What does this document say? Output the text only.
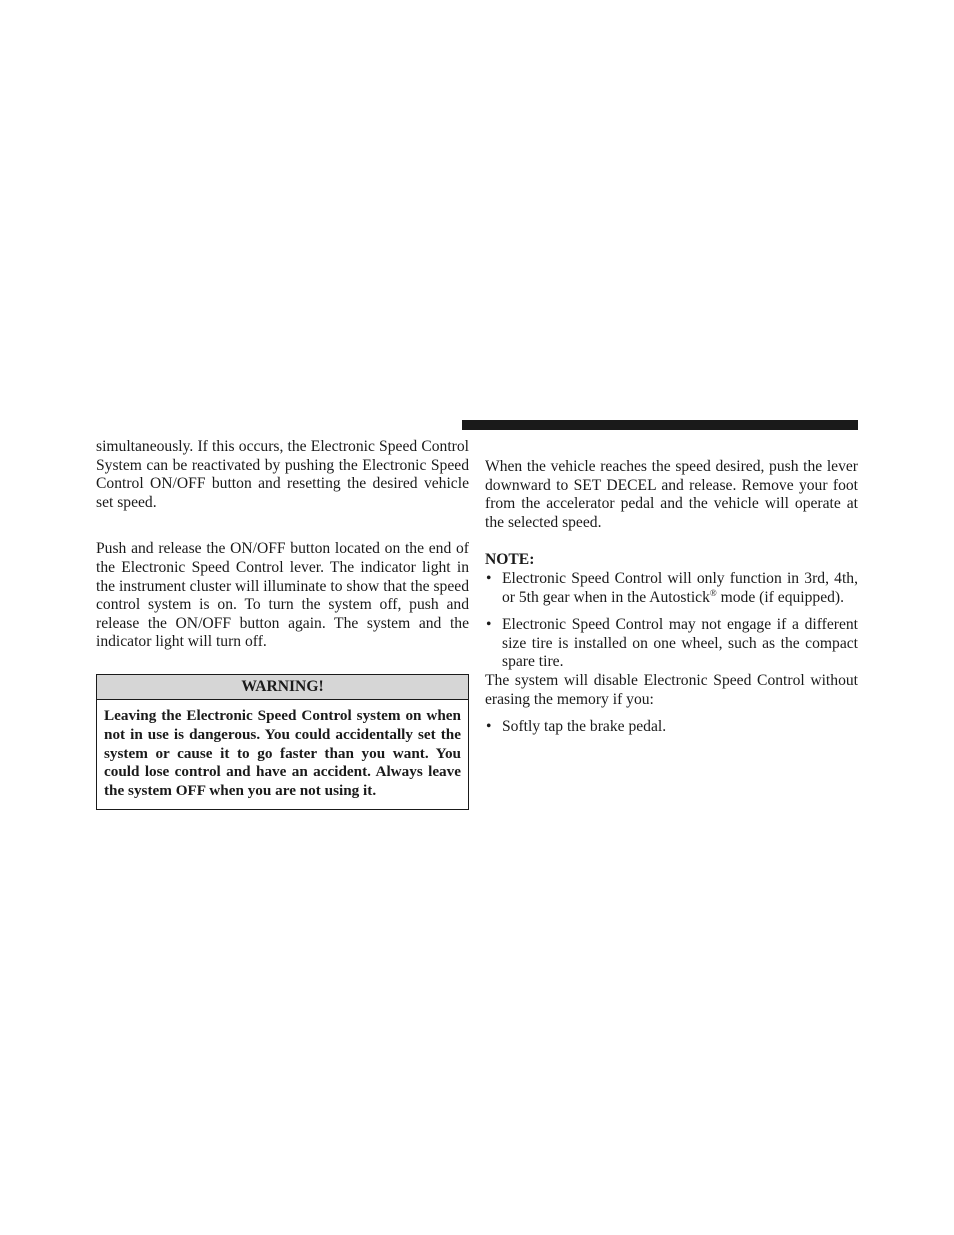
simultaneously. If this occurs, the Electronic Speed Control System can be reactivated by pushing the Electronic Speed Control ON/OFF button and resetting the desired vehicle set speed.

Push and release the ON/OFF button located on the end of the Electronic Speed Control lever. The indicator light in the instrument cluster will illuminate to show that the speed control system is on. To turn the system off, push and release the ON/OFF button again. The system and the indicator light will turn off.

WARNING!
Leaving the Electronic Speed Control system on when not in use is dangerous. You could accidentally set the system or cause it to go faster than you want. You could lose control and have an accident. Always leave the system OFF when you are not using it.

When the vehicle reaches the speed desired, push the lever downward to SET DECEL and release. Remove your foot from the accelerator pedal and the vehicle will operate at the selected speed.

NOTE:
• Electronic Speed Control will only function in 3rd, 4th, or 5th gear when in the Autostick® mode (if equipped).
• Electronic Speed Control may not engage if a different size tire is installed on one wheel, such as the compact spare tire.

The system will disable Electronic Speed Control without erasing the memory if you:

• Softly tap the brake pedal.
